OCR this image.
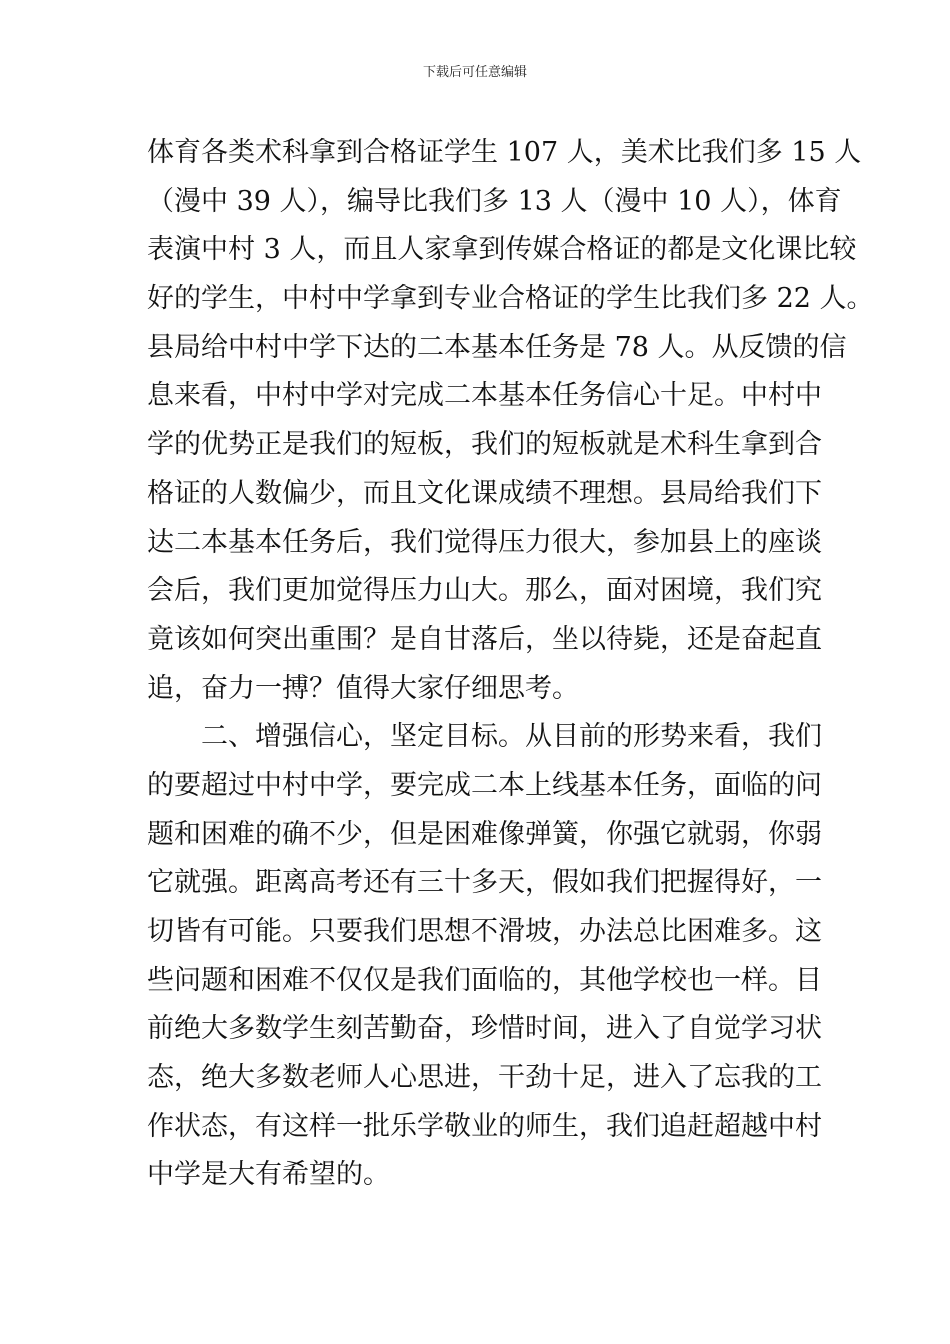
下载后可任意编辑
体育各类术科拿到合格证学生 107 人，美术比我们多 15 人
（漫中 39 人），编导比我们多 13 人（漫中 10 人），体育
表演中村 3 人，而且人家拿到传媒合格证的都是文化课比较
好的学生，中村中学拿到专业合格证的学生比我们多 22 人。
县局给中村中学下达的二本基本任务是 78 人。从反馈的信
息来看，中村中学对完成二本基本任务信心十足。中村中
学的优势正是我们的短板，我们的短板就是术科生拿到合
格证的人数偏少，而且文化课成绩不理想。县局给我们下
达二本基本任务后，我们觉得压力很大，参加县上的座谈
会后，我们更加觉得压力山大。那么，面对困境，我们究
竟该如何突出重围？是自甘落后，坐以待毙，还是奋起直
追，奋力一搏？值得大家仔细思考。
二、增强信心，坚定目标。从目前的形势来看，我们
的要超过中村中学，要完成二本上线基本任务，面临的问
题和困难的确不少，但是困难像弹簧，你强它就弱，你弱
它就强。距离高考还有三十多天，假如我们把握得好，一
切皆有可能。只要我们思想不滑坡，办法总比困难多。这
些问题和困难不仅仅是我们面临的，其他学校也一样。目
前绝大多数学生刻苦勤奋，珍惜时间，进入了自觉学习状
态，绝大多数老师人心思进，干劲十足，进入了忘我的工
作状态，有这样一批乐学敬业的师生，我们追赶超越中村
中学是大有希望的。
